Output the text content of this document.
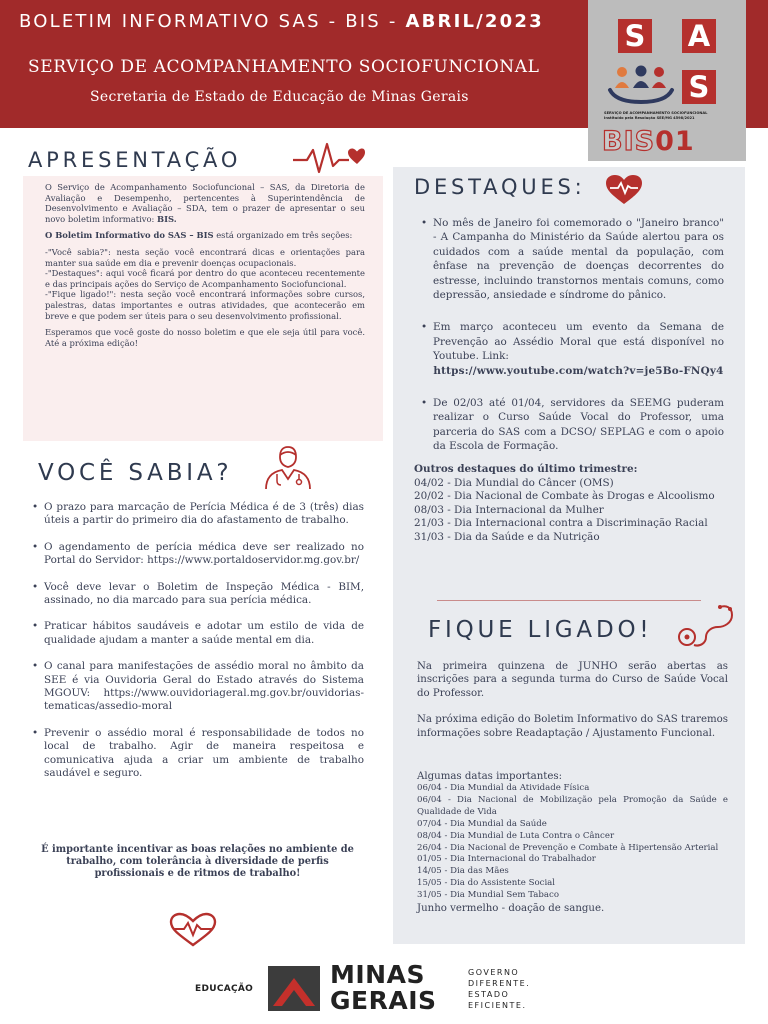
BOLETIM INFORMATIVO SAS - BIS - ABRIL/2023
SERVIÇO DE ACOMPANHAMENTO SOCIOFUNCIONAL
Secretaria de Estado de Educação de Minas Gerais
S A
S
SERVIÇO DE ACOMPANHAMENTO SOCIOFUNCIONAL
Instituído pela Resolução SEE/MG 4598/2021
BIS01
APRESENTAÇÃO

O Serviço de Acompanhamento Sociofuncional – SAS, da Diretoria de Avaliação e Desempenho, pertencentes à Superintendência de Desenvolvimento e Avaliação – SDA, tem o prazer de apresentar o seu novo boletim informativo: BIS.

O Boletim Informativo do SAS – BIS está organizado em três seções:

-"Você sabia?": nesta seção você encontrará dicas e orientações para manter sua saúde em dia e prevenir doenças ocupacionais.

-"Destaques": aqui você ficará por dentro do que aconteceu recentemente e das principais ações do Serviço de Acompanhamento Sociofuncional.

-"Fique ligado!": nesta seção você encontrará informações sobre cursos, palestras, datas importantes e outras atividades, que acontecerão em breve e que podem ser úteis para o seu desenvolvimento profissional.

Esperamos que você goste do nosso boletim e que ele seja útil para você. Até a próxima edição!

VOCÊ SABIA?
• O prazo para marcação de Perícia Médica é de 3 (três) dias úteis a partir do primeiro dia do afastamento de trabalho.
• O agendamento de perícia médica deve ser realizado no Portal do Servidor: https://www.portaldoservidor.mg.gov.br/
• Você deve levar o Boletim de Inspeção Médica - BIM, assinado, no dia marcado para sua perícia médica.
• Praticar hábitos saudáveis e adotar um estilo de vida de qualidade ajudam a manter a saúde mental em dia.
• O canal para manifestações de assédio moral no âmbito da SEE é via Ouvidoria Geral do Estado através do Sistema MGOUV: https://www.ouvidoriageral.mg.gov.br/ouvidorias-tematicas/assedio-moral
• Prevenir o assédio moral é responsabilidade de todos no local de trabalho. Agir de maneira respeitosa e comunicativa ajuda a criar um ambiente de trabalho saudável e seguro.
É importante incentivar as boas relações no ambiente de trabalho, com tolerância à diversidade de perfis profissionais e de ritmos de trabalho!
DESTAQUES:
• No mês de Janeiro foi comemorado o "Janeiro branco" - A Campanha do Ministério da Saúde alertou para os cuidados com a saúde mental da população, com ênfase na prevenção de doenças decorrentes do estresse, incluindo transtornos mentais comuns, como depressão, ansiedade e síndrome do pânico.
• Em março aconteceu um evento da Semana de Prevenção ao Assédio Moral que está disponível no Youtube. Link:
https://www.youtube.com/watch?v=je5Bo-FNQy4
• De 02/03 até 01/04, servidores da SEEMG puderam realizar o Curso Saúde Vocal do Professor, uma parceria do SAS com a DCSO/ SEPLAG e com o apoio da Escola de Formação.
Outros destaques do último trimestre:
04/02 - Dia Mundial do Câncer (OMS)
20/02 - Dia Nacional de Combate às Drogas e Alcoolismo
08/03 - Dia Internacional da Mulher
21/03 - Dia Internacional contra a Discriminação Racial
31/03 - Dia da Saúde e da Nutrição
FIQUE LIGADO!

Na primeira quinzena de JUNHO serão abertas as inscrições para a segunda turma do Curso de Saúde Vocal do Professor.

Na próxima edição do Boletim Informativo do SAS traremos informações sobre Readaptação / Ajustamento Funcional.

Algumas datas importantes:
06/04 - Dia Mundial da Atividade Física
06/04 - Dia Nacional de Mobilização pela Promoção da Saúde e Qualidade de Vida
07/04 - Dia Mundial da Saúde
08/04 - Dia Mundial de Luta Contra o Câncer
26/04 - Dia Nacional de Prevenção e Combate à Hipertensão Arterial
01/05 - Dia Internacional do Trabalhador
14/05 - Dia das Mães
15/05 - Dia do Assistente Social
31/05 - Dia Mundial Sem Tabaco
Junho vermelho - doação de sangue.
EDUCAÇÃO	MINAS
GERAIS
GOVERNO
DIFERENTE.
ESTADO
EFICIENTE.
